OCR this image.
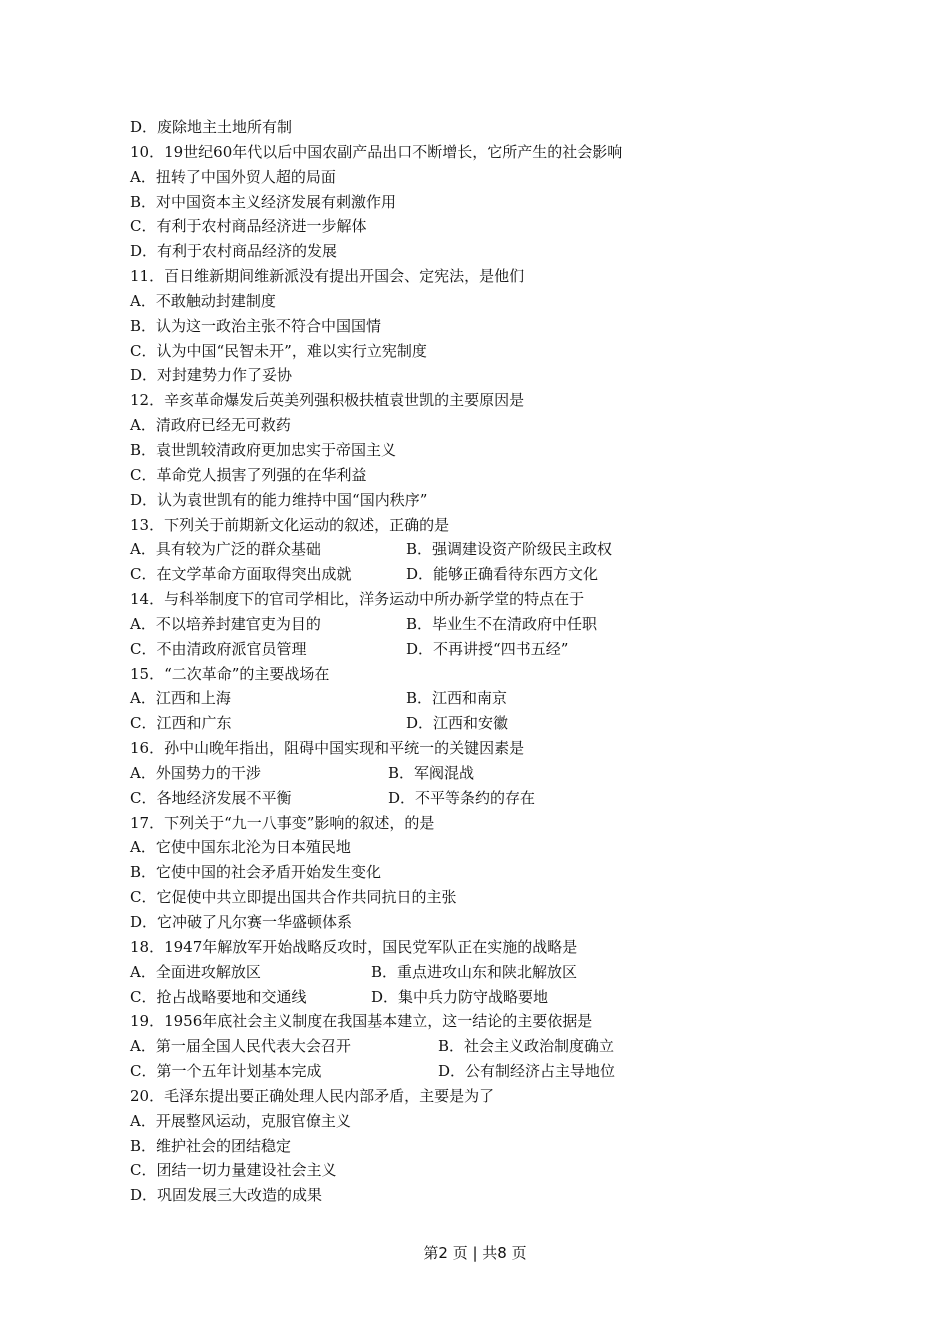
D．废除地主土地所有制
10．19世纪60年代以后中国农副产品出口不断增长，它所产生的社会影响
A．扭转了中国外贸人超的局面
B．对中国资本主义经济发展有刺激作用
C．有利于农村商品经济进一步解体
D．有利于农村商品经济的发展
11．百日维新期间维新派没有提出开国会、定宪法，是他们
A．不敢触动封建制度
B．认为这一政治主张不符合中国国情
C．认为中国“民智未开”，难以实行立宪制度
D．对封建势力作了妥协
12．辛亥革命爆发后英美列强积极扶植袁世凯的主要原因是
A．清政府已经无可救药
B．袁世凯较清政府更加忠实于帝国主义
C．革命党人损害了列强的在华利益
D．认为袁世凯有的能力维持中国“国内秩序”
13．下列关于前期新文化运动的叙述，正确的是
A．具有较为广泛的群众基础	B．强调建设资产阶级民主政权
C．在文学革命方面取得突出成就	D．能够正确看待东西方文化
14．与科举制度下的官司学相比，洋务运动中所办新学堂的特点在于
A．不以培养封建官吏为目的	B．毕业生不在清政府中任职
C．不由清政府派官员管理	D．不再讲授“四书五经”
15．“二次革命”的主要战场在
A．江西和上海	B．江西和南京
C．江西和广东	D．江西和安徽
16．孙中山晚年指出，阻碍中国实现和平统一的关键因素是
A．外国势力的干涉	B．军阀混战
C．各地经济发展不平衡	D．不平等条约的存在
17．下列关于“九一八事变”影响的叙述，的是
A．它使中国东北沦为日本殖民地
B．它使中国的社会矛盾开始发生变化
C．它促使中共立即提出国共合作共同抗日的主张
D．它冲破了凡尔赛一华盛顿体系
18．1947年解放军开始战略反攻时，国民党军队正在实施的战略是
A．全面进攻解放区	B．重点进攻山东和陕北解放区
C．抢占战略要地和交通线	D．集中兵力防守战略要地
19．1956年底社会主义制度在我国基本建立，这一结论的主要依据是
A．第一届全国人民代表大会召开	B．社会主义政治制度确立
C．第一个五年计划基本完成	D．公有制经济占主导地位
20．毛泽东提出要正确处理人民内部矛盾，主要是为了
A．开展整风运动，克服官僚主义
B．维护社会的团结稳定
C．团结一切力量建设社会主义
D．巩固发展三大改造的成果
第2 页 | 共8 页
